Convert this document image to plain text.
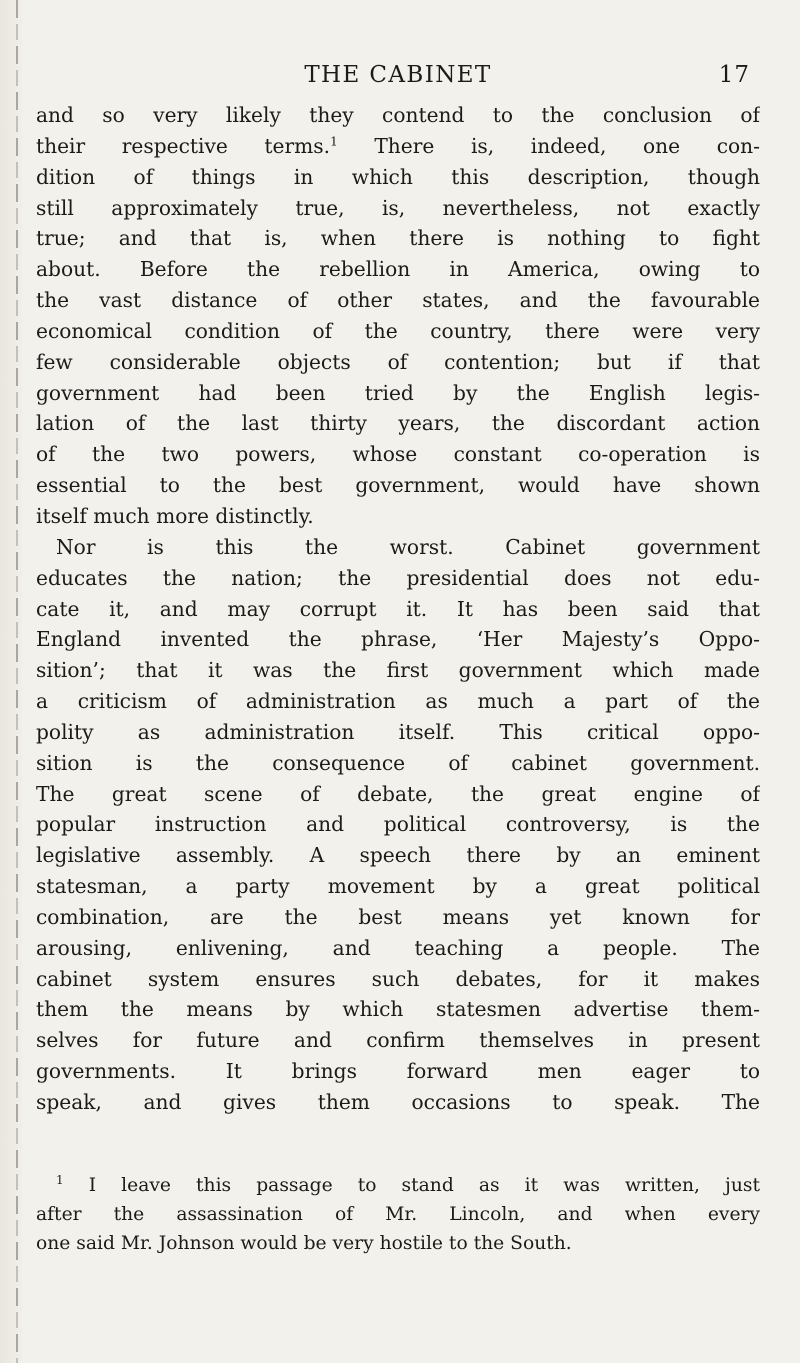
THE CABINET	17
and so very likely they contend to the conclusion of
their respective terms.$^1$ There is, indeed, one con-
dition of things in which this description, though
still approximately true, is, nevertheless, not exactly
true; and that is, when there is nothing to fight
about. Before the rebellion in America, owing to
the vast distance of other states, and the favourable
economical condition of the country, there were very
few considerable objects of contention; but if that
government had been tried by the English legis-
lation of the last thirty years, the discordant action
of the two powers, whose constant co-operation is
essential to the best government, would have shown
itself much more distinctly.
Nor is this the worst. Cabinet government
educates the nation; the presidential does not edu-
cate it, and may corrupt it. It has been said that
England invented the phrase, ‘Her Majesty’s Oppo-
sition’; that it was the first government which made
a criticism of administration as much a part of the
polity as administration itself. This critical oppo-
sition is the consequence of cabinet government.
The great scene of debate, the great engine of
popular instruction and political controversy, is the
legislative assembly. A speech there by an eminent
statesman, a party movement by a great political
combination, are the best means yet known for
arousing, enlivening, and teaching a people. The
cabinet system ensures such debates, for it makes
them the means by which statesmen advertise them-
selves for future and confirm themselves in present
governments. It brings forward men eager to
speak, and gives them occasions to speak. The
$^1$ I leave this passage to stand as it was written, just
after the assassination of Mr. Lincoln, and when every
one said Mr. Johnson would be very hostile to the South.
